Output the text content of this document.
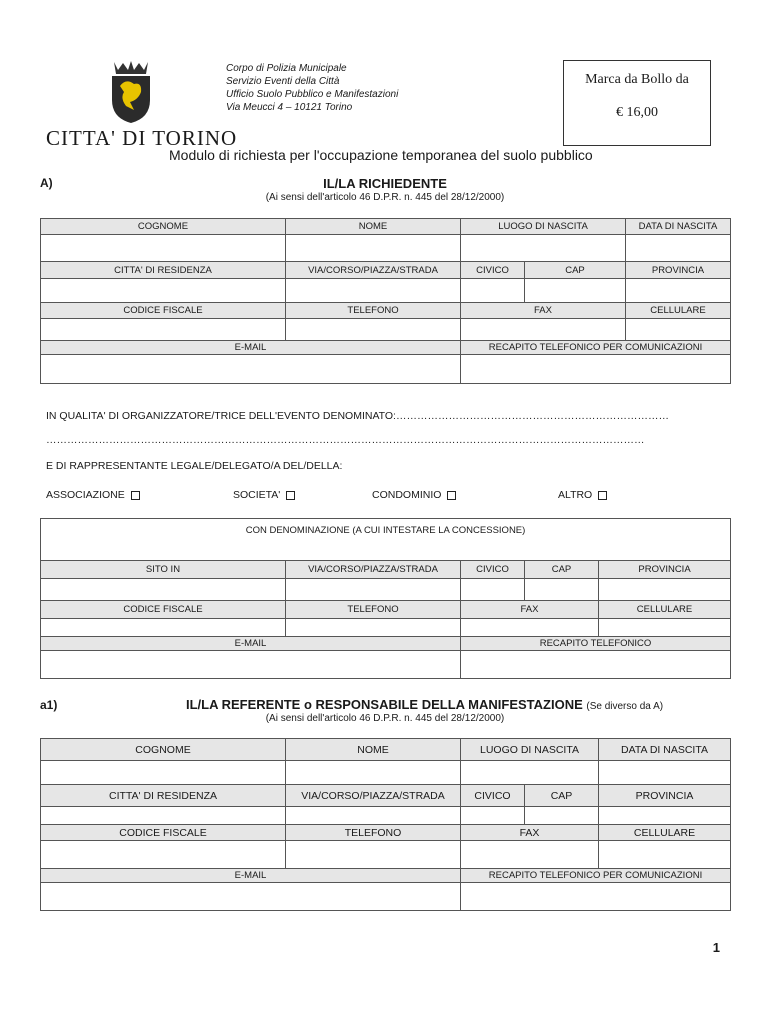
Corpo di Polizia Municipale
Servizio Eventi della Città
Ufficio Suolo Pubblico e Manifestazioni
Via Meucci 4 – 10121 Torino
CITTA' DI TORINO
Marca da Bollo da
€ 16,00
Modulo di richiesta per l'occupazione temporanea del suolo pubblico
A)	IL/LA RICHIEDENTE
(Ai sensi dell'articolo 46 D.P.R. n. 445 del 28/12/2000)
COGNOME	NOME	LUOGO DI NASCITA		DATA DI NASCITA

CITTA' DI RESIDENZA	VIA/CORSO/PIAZZA/STRADA	CIVICO	CAP	PROVINCIA

CODICE FISCALE	TELEFONO	FAX		CELLULARE

E-MAIL		RECAPITO TELEFONICO PER COMUNICAZIONI		

IN QUALITA' DI ORGANIZZATORE/TRICE DELL'EVENTO DENOMINATO:……………………………………………………………………
………………………………………………………………………………………………………………………………………………………
E DI RAPPRESENTANTE LEGALE/DELEGATO/A DEL/DELLA:
ASSOCIAZIONE	SOCIETA'	CONDOMINIO	ALTRO
CON DENOMINAZIONE (A CUI INTESTARE LA CONCESSIONE)				
SITO IN	VIA/CORSO/PIAZZA/STRADA	CIVICO	CAP	PROVINCIA

CODICE FISCALE	TELEFONO	FAX		CELLULARE

E-MAIL		RECAPITO TELEFONICO		

a1)	IL/LA REFERENTE o RESPONSABILE DELLA MANIFESTAZIONE (Se diverso da A)
(Ai sensi dell'articolo 46 D.P.R. n. 445 del 28/12/2000)
COGNOME	NOME	LUOGO DI NASCITA		DATA DI NASCITA

CITTA' DI RESIDENZA	VIA/CORSO/PIAZZA/STRADA	CIVICO	CAP	PROVINCIA

CODICE FISCALE	TELEFONO	FAX		CELLULARE

E-MAIL		RECAPITO TELEFONICO PER COMUNICAZIONI		

1
